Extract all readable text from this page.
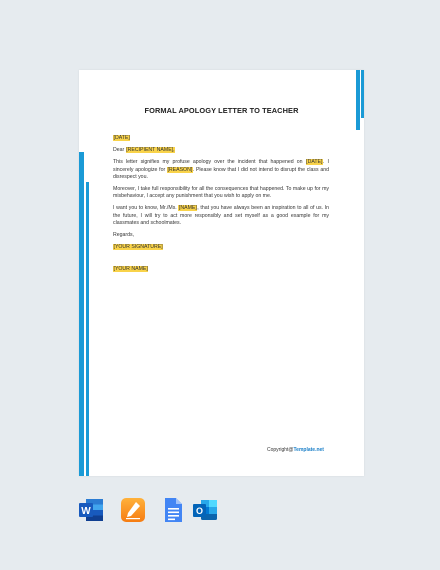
FORMAL APOLOGY LETTER TO TEACHER

[DATE]

Dear [RECIPIENT NAME],

This letter signifies my profuse apology over the incident that happened on [DATE]. I sincerely apologize for [REASON]. Please know that I did not intend to disrupt the class and disrespect you.

Moreover, I take full responsibility for all the consequences that happened. To make up for my misbehaviour, I accept any punishment that you wish to apply on me.

I want you to know, Mr./Ms. [NAME], that you have always been an inspiration to all of us. In the future, I will try to act more responsibly and set myself as a good example for my classmates and schoolmates.

Regards,

[YOUR SIGNATURE]

[YOUR NAME]

Copyright@Template.net
W	O
